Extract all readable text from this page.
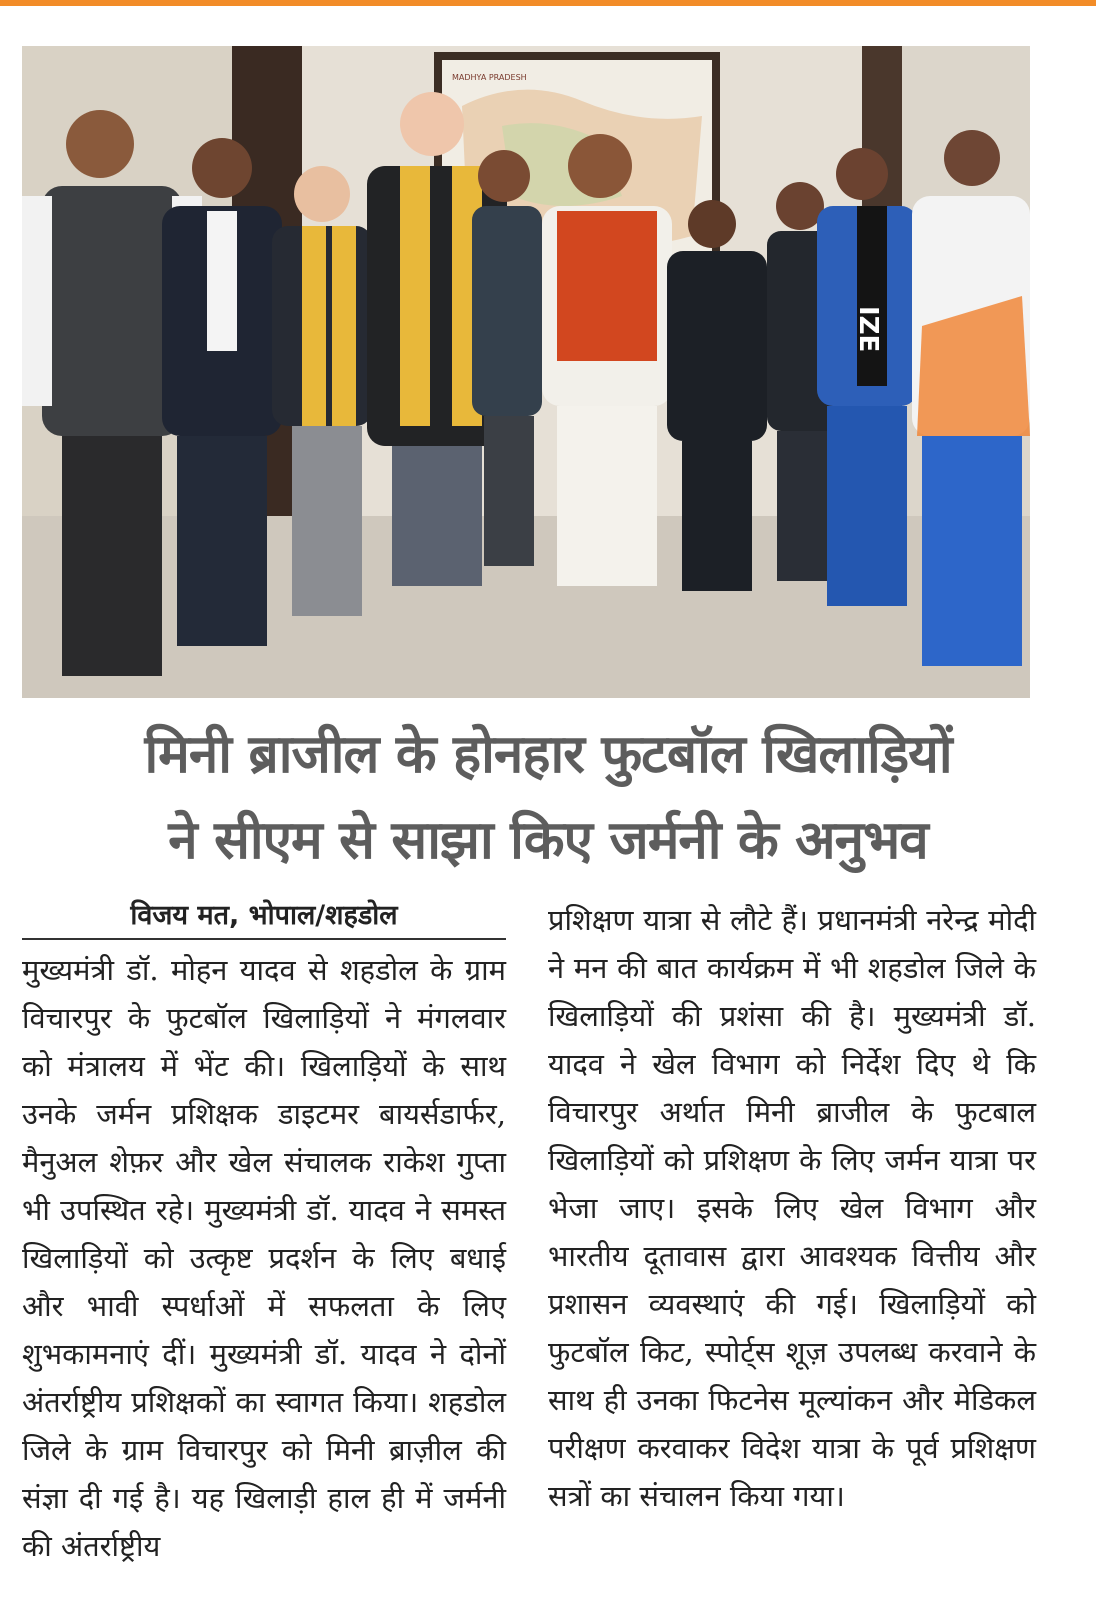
MADHYA PRADESH
IZE
मिनी ब्राजील के होनहार फुटबॉल खिलाड़ियों
ने सीएम से साझा किए जर्मनी के अनुभव
विजय मत, भोपाल/शहडोल
मुख्यमंत्री डॉ. मोहन यादव से शहडोल के ग्राम विचारपुर के फुटबॉल खिलाड़ियों ने मंगलवार को मंत्रालय में भेंट की। खिलाड़ियों के साथ उनके जर्मन प्रशिक्षक डाइटमर बायर्सडार्फर, मैनुअल शेफ़र और खेल संचालक राकेश गुप्ता भी उपस्थित रहे। मुख्यमंत्री डॉ. यादव ने समस्त खिलाड़ियों को उत्कृष्ट प्रदर्शन के लिए बधाई और भावी स्पर्धाओं में सफलता के लिए शुभकामनाएं दीं। मुख्यमंत्री डॉ. यादव ने दोनों अंतर्राष्ट्रीय प्रशिक्षकों का स्वागत किया। शहडोल जिले के ग्राम विचारपुर को मिनी ब्राज़ील की संज्ञा दी गई है। यह खिलाड़ी हाल ही में जर्मनी की अंतर्राष्ट्रीय
प्रशिक्षण यात्रा से लौटे हैं। प्रधानमंत्री नरेन्द्र मोदी ने मन की बात कार्यक्रम में भी शहडोल जिले के खिलाड़ियों की प्रशंसा की है। मुख्यमंत्री डॉ. यादव ने खेल विभाग को निर्देश दिए थे कि विचारपुर अर्थात मिनी ब्राजील के फुटबाल खिलाड़ियों को प्रशिक्षण के लिए जर्मन यात्रा पर भेजा जाए। इसके लिए खेल विभाग और भारतीय दूतावास द्वारा आवश्यक वित्तीय और प्रशासन व्यवस्थाएं की गई। खिलाड़ियों को फुटबॉल किट, स्पोर्ट्स शूज़ उपलब्ध करवाने के साथ ही उनका फिटनेस मूल्यांकन और मेडिकल परीक्षण करवाकर विदेश यात्रा के पूर्व प्रशिक्षण सत्रों का संचालन किया गया।
